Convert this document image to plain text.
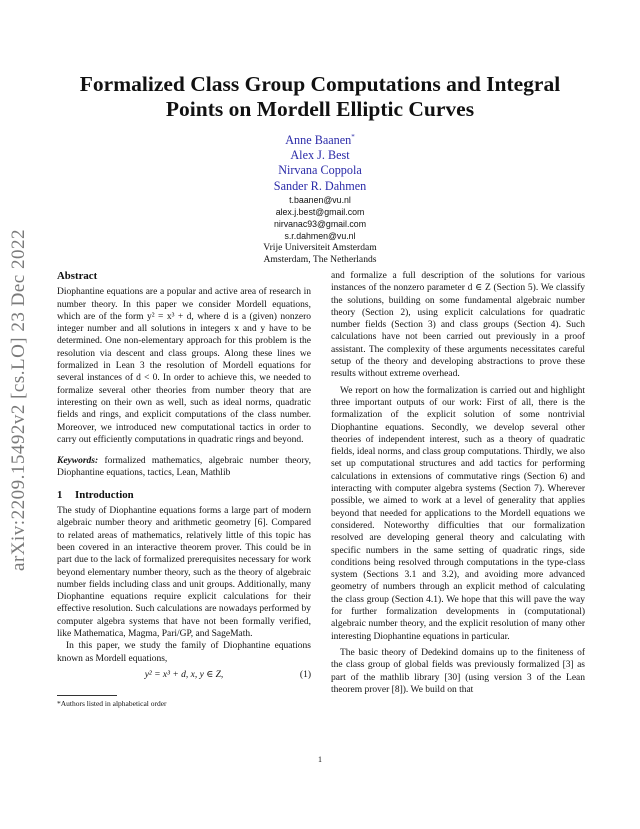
arXiv:2209.15492v2 [cs.LO] 23 Dec 2022
Formalized Class Group Computations and Integral Points on Mordell Elliptic Curves
Anne Baanen*
Alex J. Best
Nirvana Coppola
Sander R. Dahmen
t.baanen@vu.nl
alex.j.best@gmail.com
nirvanac93@gmail.com
s.r.dahmen@vu.nl
Vrije Universiteit Amsterdam
Amsterdam, The Netherlands
Abstract

Diophantine equations are a popular and active area of research in number theory. In this paper we consider Mordell equations, which are of the form y² = x³ + d, where d is a (given) nonzero integer number and all solutions in integers x and y have to be determined. One non-elementary approach for this problem is the resolution via descent and class groups. Along these lines we formalized in Lean 3 the resolution of Mordell equations for several instances of d < 0. In order to achieve this, we needed to formalize several other theories from number theory that are interesting on their own as well, such as ideal norms, quadratic fields and rings, and explicit computations of the class number. Moreover, we introduced new computational tactics in order to carry out efficiently computations in quadratic rings and beyond.

Keywords: formalized mathematics, algebraic number theory, Diophantine equations, tactics, Lean, Mathlib
1 Introduction

The study of Diophantine equations forms a large part of modern algebraic number theory and arithmetic geometry [6]. Compared to related areas of mathematics, relatively little of this topic has been covered in an interactive theorem prover. This could be in part due to the lack of formalized prerequisites necessary for work beyond elementary number theory, such as the theory of algebraic number fields including class and unit groups. Additionally, many Diophantine equations require explicit calculations for their effective resolution. Such calculations are nowadays performed by computer algebra systems that have not been formally verified, like Mathematica, Magma, Pari/GP, and SageMath.

In this paper, we study the family of Diophantine equations known as Mordell equations,

y² = x³ + d, x, y ∈ Z,	(1)
*Authors listed in alphabetical order

and formalize a full description of the solutions for various instances of the nonzero parameter d ∈ Z (Section 5). We classify the solutions, building on some fundamental algebraic number theory (Section 2), using explicit calculations for quadratic number fields (Section 3) and class groups (Section 4). Such calculations have not been carried out previously in a proof assistant. The complexity of these arguments necessitates careful setup of the theory and developing abstractions to prove these results without extreme overhead.

We report on how the formalization is carried out and highlight three important outputs of our work: First of all, there is the formalization of the explicit solution of some nontrivial Diophantine equations. Secondly, we develop several other theories of independent interest, such as a theory of quadratic fields, ideal norms, and class group computations. Thirdly, we also set up computational structures and add tactics for performing calculations in extensions of commutative rings (Section 6) and interacting with computer algebra systems (Section 7). Wherever possible, we aimed to work at a level of generality that applies beyond that needed for applications to the Mordell equations we considered. Noteworthy difficulties that our formalization resolved are developing general theory and calculating with specific numbers in the same setting of quadratic rings, side conditions being resolved through computations in the type-class system (Sections 3.1 and 3.2), and avoiding more advanced geometry of numbers through an explicit method of calculating the class group (Section 4.1). We hope that this will pave the way for further formalization developments in (computational) algebraic number theory, and the explicit resolution of many other interesting Diophantine equations in particular.

The basic theory of Dedekind domains up to the finiteness of the class group of global fields was previously formalized [3] as part of the mathlib library [30] (using version 3 of the Lean theorem prover [8]). We build on that

1
